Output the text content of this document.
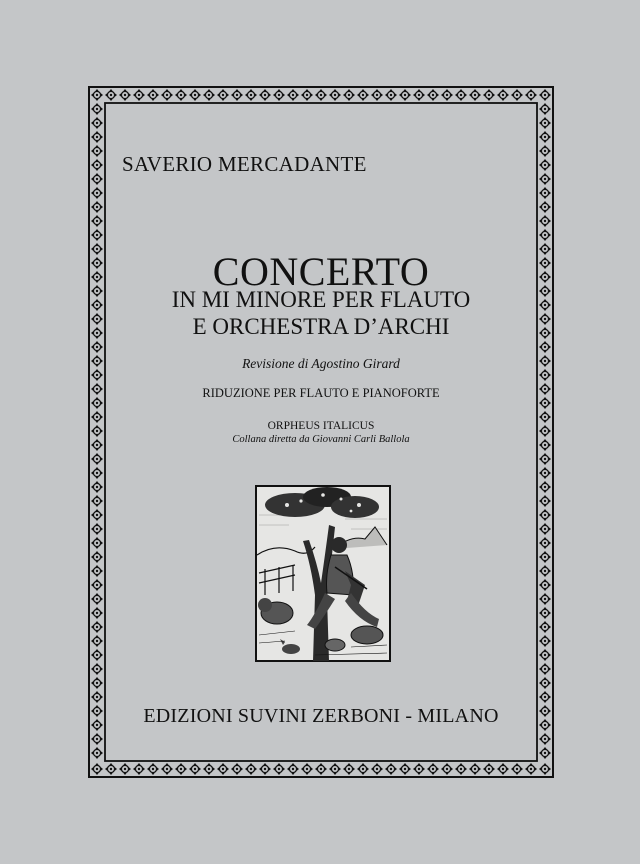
SAVERIO MERCADANTE
CONCERTO
IN MI MINORE PER FLAUTO
E ORCHESTRA D’ARCHI
Revisione di Agostino Girard
RIDUZIONE PER FLAUTO E PIANOFORTE
ORPHEUS ITALICUS
Collana diretta da Giovanni Carli Ballola
EDIZIONI SUVINI ZERBONI - MILANO
